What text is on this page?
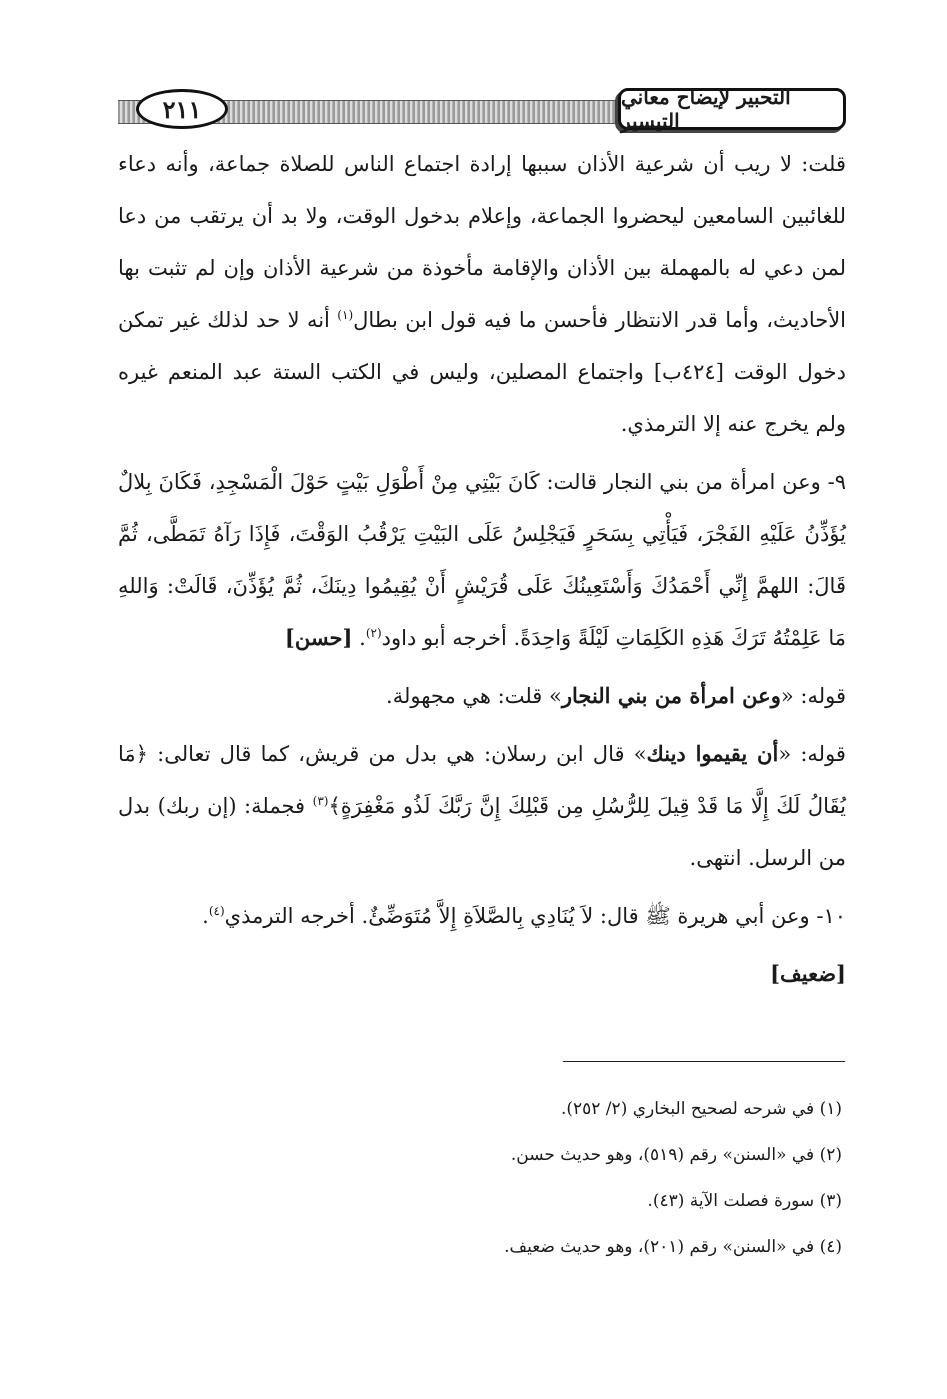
٢١١	التحبير لإيضاح معاني التيسير

قلت: لا ريب أن شرعية الأذان سببها إرادة اجتماع الناس للصلاة جماعة، وأنه دعاء للغائبين السامعين ليحضروا الجماعة، وإعلام بدخول الوقت، ولا بد أن يرتقب من دعا لمن دعي له بالمهملة بين الأذان والإقامة مأخوذة من شرعية الأذان وإن لم تثبت بها الأحاديث، وأما قدر الانتظار فأحسن ما فيه قول ابن بطال$^{(١)}$ أنه لا حد لذلك غير تمكن دخول الوقت [٤٢٤ب] واجتماع المصلين، وليس في الكتب الستة عبد المنعم غيره ولم يخرج عنه إلا الترمذي.

٩- وعن امرأة من بني النجار قالت: كَانَ بَيْتِي مِنْ أَطْوَلِ بَيْتٍ حَوْلَ الْمَسْجِدِ، فَكَانَ بِلالٌ يُؤَذِّنُ عَلَيْهِ الفَجْرَ، فَيَأْتِي بِسَحَرٍ فَيَجْلِسُ عَلَى البَيْتِ يَرْقُبُ الوَقْتَ، فَإِذَا رَآهُ تَمَطَّى، ثُمَّ قَالَ: اللهمَّ إِنِّي أَحْمَدُكَ وَأَسْتَعِينُكَ عَلَى قُرَيْشٍ أَنْ يُقِيمُوا دِينَكَ، ثُمَّ يُؤَذِّنَ، قَالَتْ: وَاللهِ مَا عَلِمْتُهُ تَرَكَ هَذِهِ الكَلِمَاتِ لَيْلَةً وَاحِدَةً. أخرجه أبو داود$^{(٢)}$. [حسن]

قوله: «وعن امرأة من بني النجار» قلت: هي مجهولة.

قوله: «أن يقيموا دينك» قال ابن رسلان: هي بدل من قريش، كما قال تعالى: ﴿مَا يُقَالُ لَكَ إِلَّا مَا قَدْ قِيلَ لِلرُّسُلِ مِن قَبْلِكَ إِنَّ رَبَّكَ لَذُو مَغْفِرَةٍ﴾$^{(٣)}$ فجملة: (إن ربك) بدل من الرسل. انتهى.

١٠- وعن أبي هريرة ﷺ قال: لاَ يُنَادِي بِالصَّلاَةِ إِلاَّ مُتَوَضِّئٌ. أخرجه الترمذي$^{(٤)}$.

[ضعيف]

(١) في شرحه لصحيح البخاري (٢/ ٢٥٢).

(٢) في «السنن» رقم (٥١٩)، وهو حديث حسن.

(٣) سورة فصلت الآية (٤٣).

(٤) في «السنن» رقم (٢٠١)، وهو حديث ضعيف.
